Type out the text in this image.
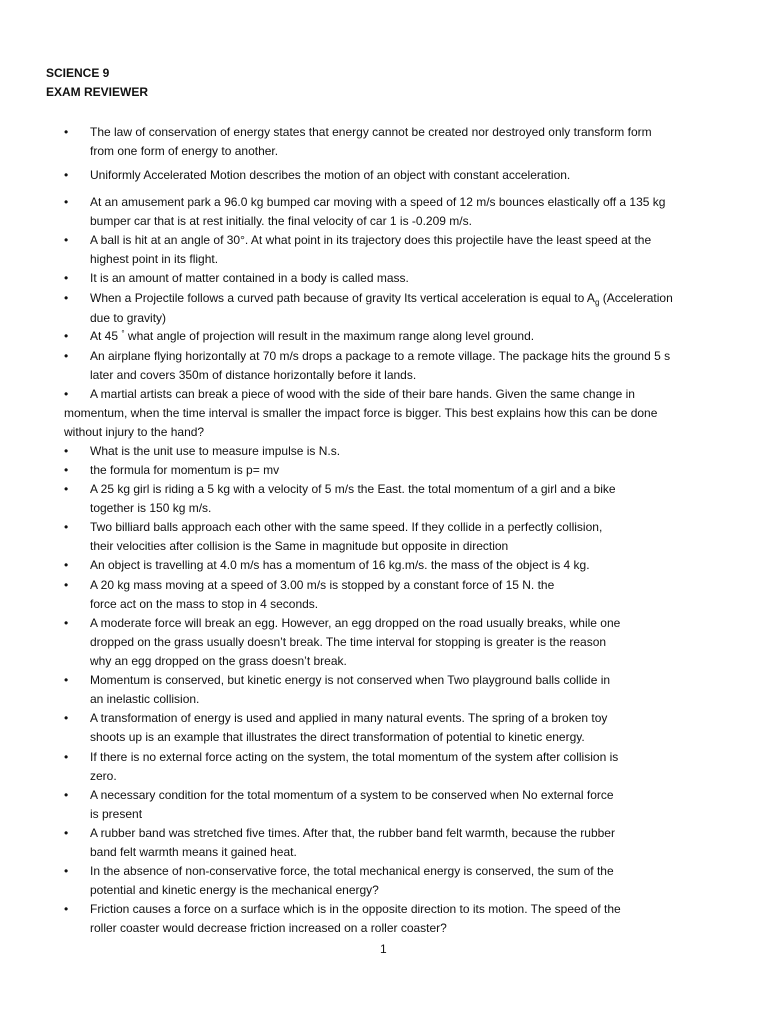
SCIENCE 9
EXAM REVIEWER
•	The law of conservation of energy states that energy cannot be created nor destroyed only transform form
from one form of energy to another.
•	Uniformly Accelerated Motion describes the motion of an object with constant acceleration.
•	At an amusement park a 96.0 kg bumped car moving with a speed of 12 m/s bounces elastically off a 135 kg
bumper car that is at rest initially. the final velocity of car 1 is -0.209 m/s.
•	A ball is hit at an angle of 30°. At what point in its trajectory does this projectile have the least speed at the
highest point in its flight.
•	It is an amount of matter contained in a body is called mass.
•	When a Projectile follows a curved path because of gravity Its vertical acceleration is equal to $A_g$ (Acceleration
due to gravity)
•	At 45 ° what angle of projection will result in the maximum range along level ground.
•	An airplane flying horizontally at 70 m/s drops a package to a remote village. The package hits the ground 5 s
later and covers 350m of distance horizontally before it lands.
•	A martial artists can break a piece of wood with the side of their bare hands. Given the same change in
momentum, when the time interval is smaller the impact force is bigger. This best explains how this can be done
without injury to the hand?
•	What is the unit use to measure impulse is N.s.
•	the formula for momentum is p= mv
•	A 25 kg girl is riding a 5 kg with a velocity of 5 m/s the East. the total momentum of a girl and a bike
together is 150 kg m/s.
•	Two billiard balls approach each other with the same speed. If they collide in a perfectly collision,
their velocities after collision is the Same in magnitude but opposite in direction
•	An object is travelling at 4.0 m/s has a momentum of 16 kg.m/s. the mass of the object is 4 kg.
•	A 20 kg mass moving at a speed of 3.00 m/s is stopped by a constant force of 15 N. the
force act on the mass to stop in 4 seconds.
•	A moderate force will break an egg. However, an egg dropped on the road usually breaks, while one
dropped on the grass usually doesn’t break. The time interval for stopping is greater is the reason
why an egg dropped on the grass doesn’t break.
•	Momentum is conserved, but kinetic energy is not conserved when Two playground balls collide in
an inelastic collision.
•	A transformation of energy is used and applied in many natural events. The spring of a broken toy
shoots up is an example that illustrates the direct transformation of potential to kinetic energy.
•	If there is no external force acting on the system, the total momentum of the system after collision is
zero.
•	A necessary condition for the total momentum of a system to be conserved when No external force
is present
•	A rubber band was stretched five times. After that, the rubber band felt warmth, because the rubber
band felt warmth means it gained heat.
•	In the absence of non-conservative force, the total mechanical energy is conserved, the sum of the
potential and kinetic energy is the mechanical energy?
•	Friction causes a force on a surface which is in the opposite direction to its motion. The speed of the
roller coaster would decrease friction increased on a roller coaster?
1
